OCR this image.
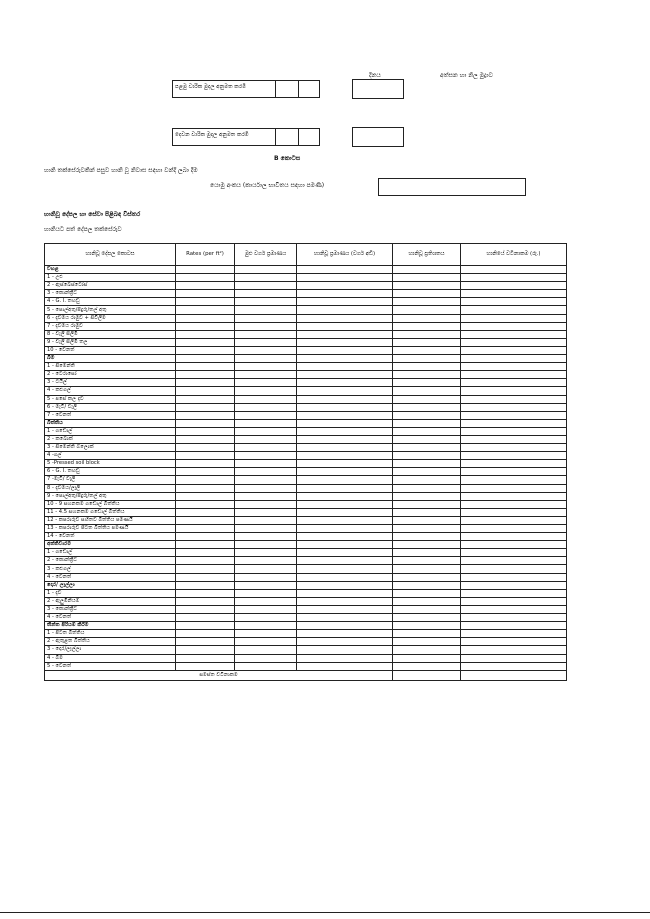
දිනය	අත්සන හා නිල මුද්‍රාව
පළමු වාරික මුදල අනුමත කරමි
දෙවන වාරික මුදල අනුමත කරමි
B කොටස
හානි තක්සේරුවකින් පසුව හානි වූ නිවාස සඳහා වන්දි ලබා දීම
යොමු අංකය (කාර්යාල භාවිතය සඳහා පමණි)
හානිවූ දේපල හා සේවා පිළිබඳ විස්තර
හානියට පත් දේපල තක්සේරුව
හානිවූ දේපල කොටස	Rates (per ft²)	මුළු වර්ග ප්‍රමාණය	හානිවූ ප්‍රමාණය (වර්ග අඩි)	හානිවූ ප්‍රතිශතය	හානියේ වටිනාකම (රු.)
වහළ					
1 - උළු					
2 - ඇස්බෙස්ටෝස්					
3 - කොන්ක්‍රීට්					
4 - G. I. තහඩු					
5 - පොල්අතු/පිදුරු/තල් අතු					
6 - දැව්මය රාමුව + සිවිලිම					
7 - දැව්මය රාමුව					
8 - වැලි සිලිමි					
9 - වැලි සිලිමි තල					
10 - වෙනත්					
බිම					
1 - සිමෙන්ති					
2 - ටෙරාසෝ					
3 - ටයිල්					
4 - කළුගල්					
5 - පසේ කල දැව					
6 - මැටි/ වැලි					
7 - වෙනත්					
බිත්තිය					
1 - ගඩොල්					
2 - කබොක්					
3 - සිමෙන්ති බ්ලොක්					
4 -ගල්					
5 -Pressed soil block					
6 - G. I. තහඩු					
7 -මැටි/ වැලි					
8 - දැව්මය/ලෑලි					
9 - පොල්අතු/පිදුරු/තල් අතු					
10 - 9 සහනකම ගඩොල් බිත්තිය					
11 - 4.5 සහනකම ගඩොල් බිත්තිය					
12 - කපරාරුව සහිතව බිත්තිය පමණයි					
13 - කපරාරුව පිටත බිත්තිය පමණයි					
14 - වෙනත්					
අත්තිවාරම					
1 - ගඩොල්					
2 - කොන්ක්‍රීට්					
3 - කළුගල්					
4 - වෙනත්					
දොර/ ලෑල්ලා					
1 - දැව					
2 - ඇලුමිනියම්					
3 - කොන්ක්‍රීට්					
4 - වෙනත්					
තීන්ත පිරියම් කිරීම					
1 - පිටත බිත්තිය					
2 - ඇතුළත බිත්තිය					
3 - දොර/ලෑල්ලා					
4 - බිම					
5 - වෙනත්					
සමස්ත වටිනාකම					
